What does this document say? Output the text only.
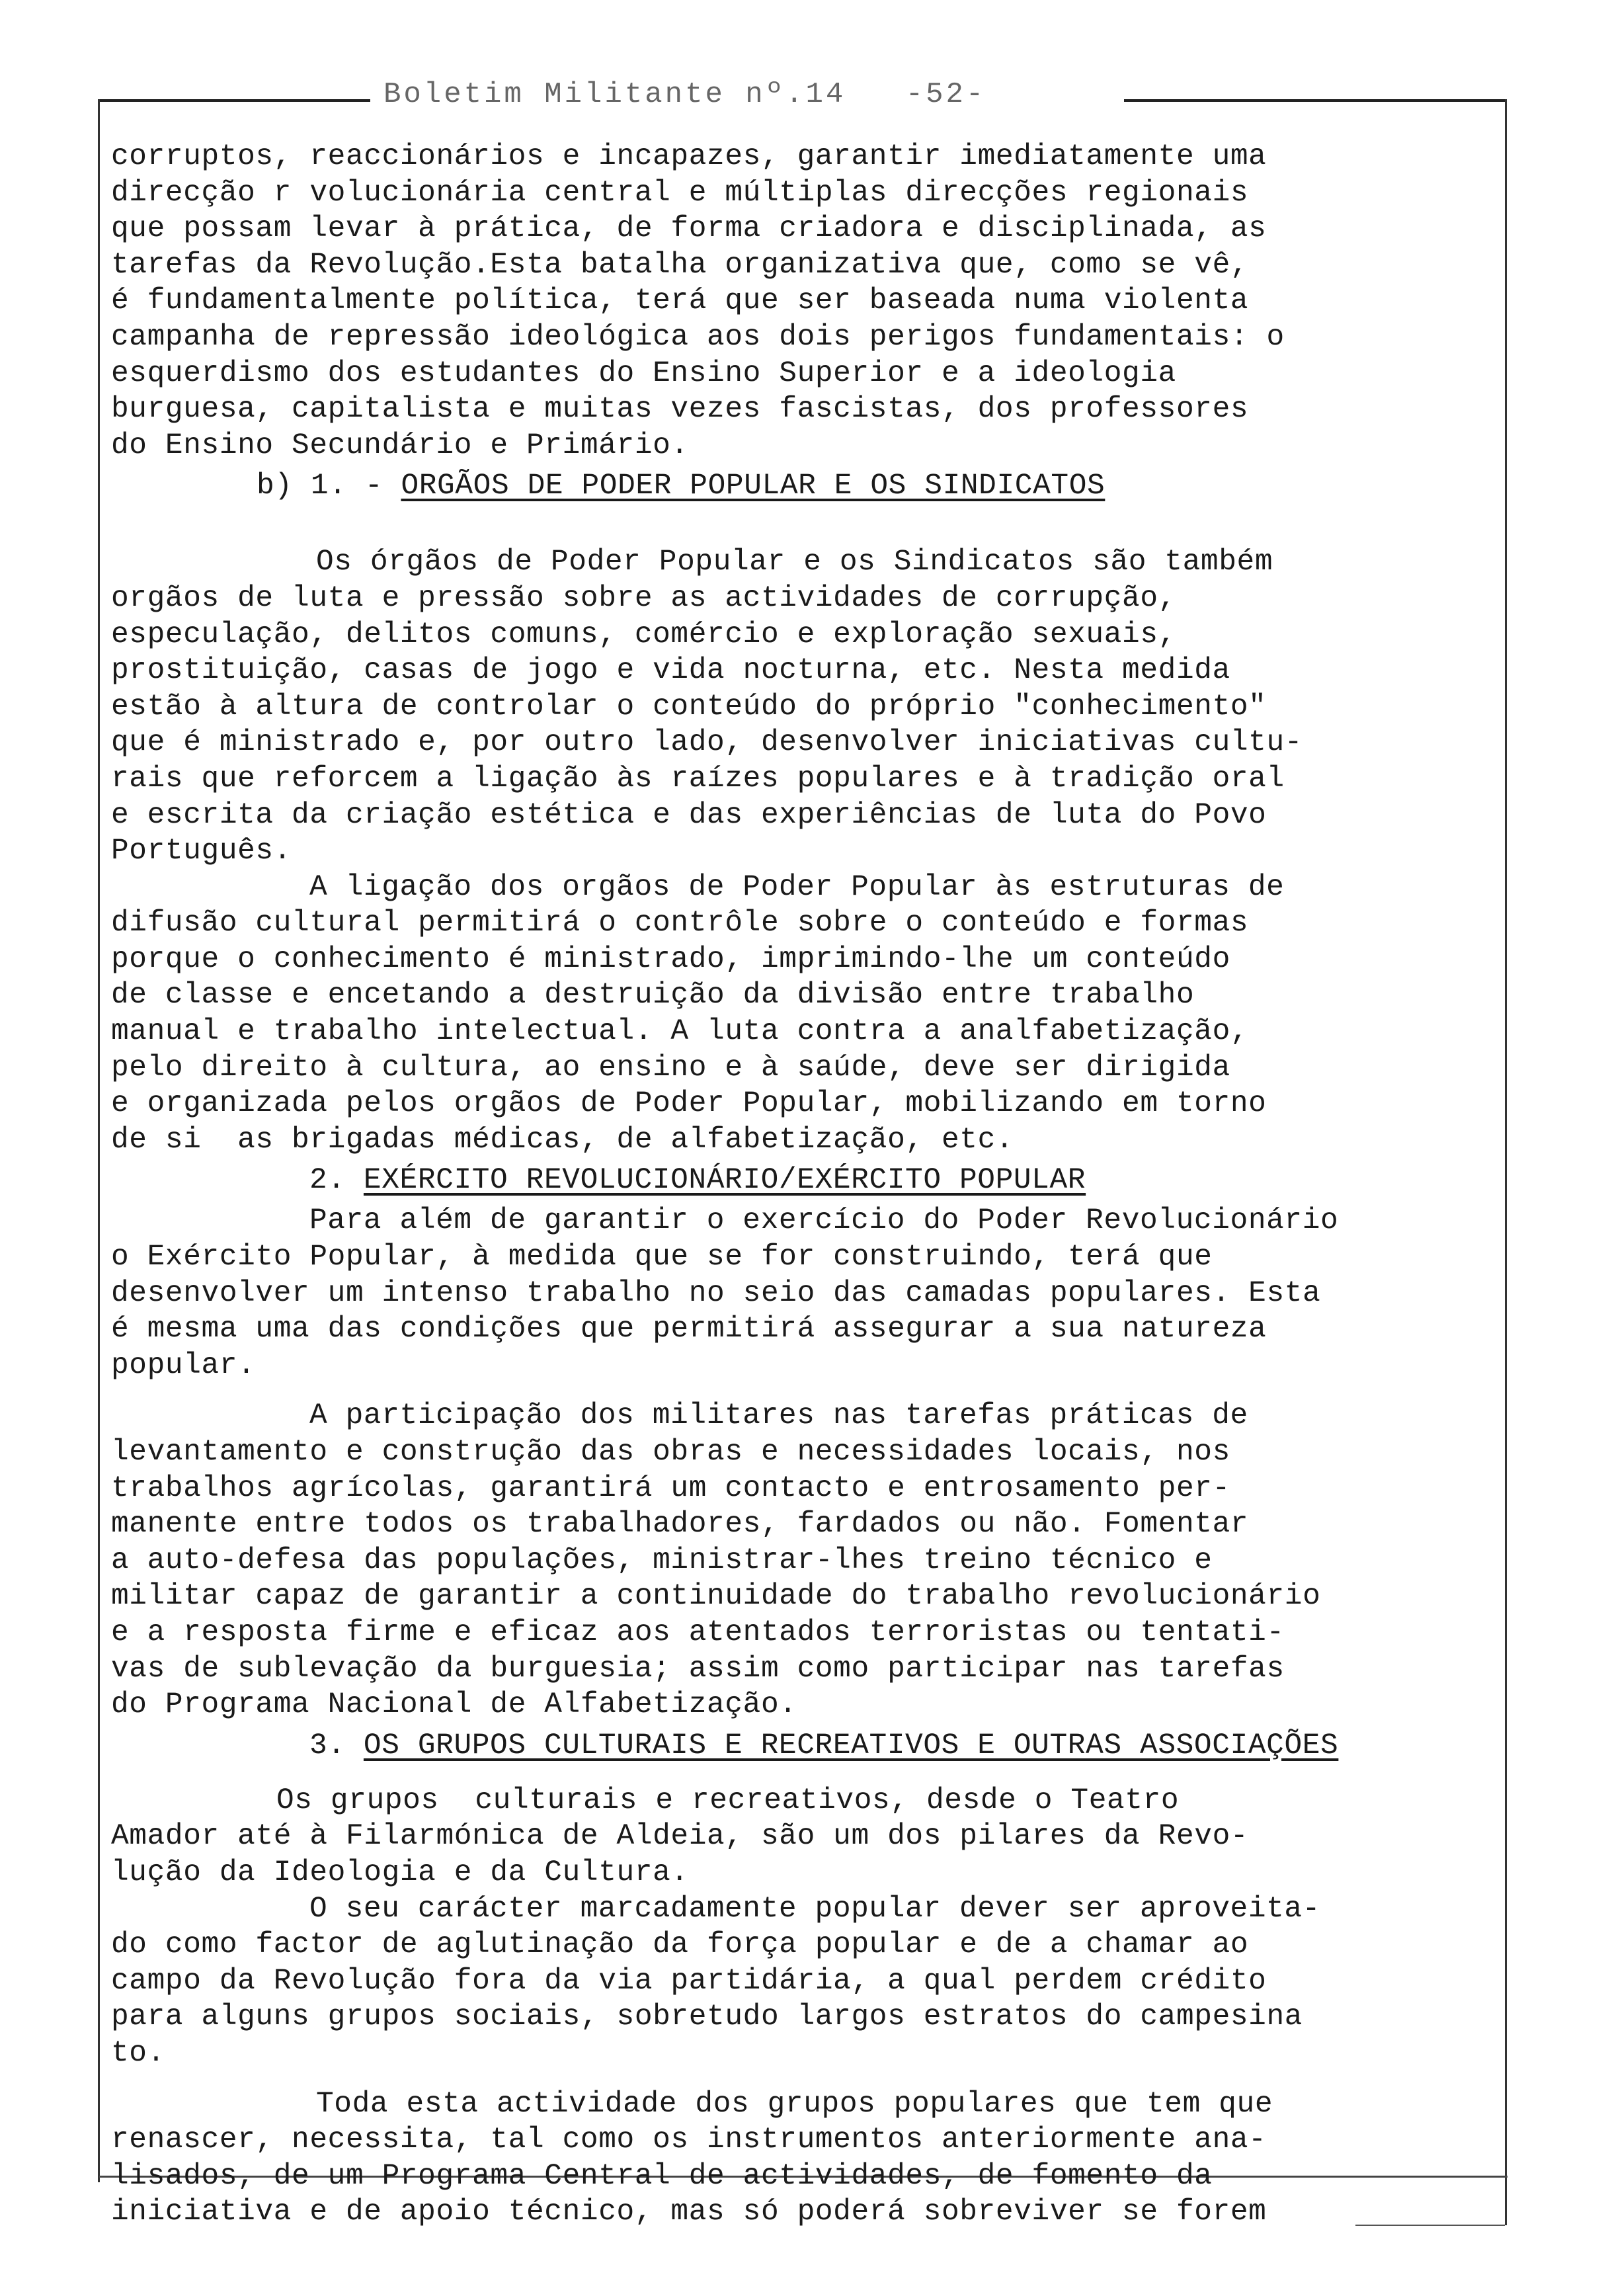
Boletim Militante nº.14 -52-
corruptos, reaccionários e incapazes, garantir imediatamente uma
direcção r volucionária central e múltiplas direcções regionais
que possam levar à prática, de forma criadora e disciplinada, as
tarefas da Revolução.Esta batalha organizativa que, como se vê,
é fundamentalmente política, terá que ser baseada numa violenta
campanha de repressão ideológica aos dois perigos fundamentais: o
esquerdismo dos estudantes do Ensino Superior e a ideologia
burguesa, capitalista e muitas vezes fascistas, dos professores
do Ensino Secundário e Primário.
b) 1. - ORGÃOS DE PODER POPULAR E OS SINDICATOS
Os órgãos de Poder Popular e os Sindicatos são também
orgãos de luta e pressão sobre as actividades de corrupção,
especulação, delitos comuns, comércio e exploração sexuais,
prostituição, casas de jogo e vida nocturna, etc. Nesta medida
estão à altura de controlar o conteúdo do próprio "conhecimento"
que é ministrado e, por outro lado, desenvolver iniciativas cultu-
rais que reforcem a ligação às raízes populares e à tradição oral
e escrita da criação estética e das experiências de luta do Povo
Português.
A ligação dos orgãos de Poder Popular às estruturas de
difusão cultural permitirá o contrôle sobre o conteúdo e formas
porque o conhecimento é ministrado, imprimindo-lhe um conteúdo
de classe e encetando a destruição da divisão entre trabalho
manual e trabalho intelectual. A luta contra a analfabetização,
pelo direito à cultura, ao ensino e à saúde, deve ser dirigida
e organizada pelos orgãos de Poder Popular, mobilizando em torno
de si  as brigadas médicas, de alfabetização, etc.
2. EXÉRCITO REVOLUCIONÁRIO/EXÉRCITO POPULAR
Para além de garantir o exercício do Poder Revolucionário
o Exército Popular, à medida que se for construindo, terá que
desenvolver um intenso trabalho no seio das camadas populares. Esta
é mesma uma das condições que permitirá assegurar a sua natureza
popular.
A participação dos militares nas tarefas práticas de
levantamento e construção das obras e necessidades locais, nos
trabalhos agrícolas, garantirá um contacto e entrosamento per-
manente entre todos os trabalhadores, fardados ou não. Fomentar
a auto-defesa das populações, ministrar-lhes treino técnico e
militar capaz de garantir a continuidade do trabalho revolucionário
e a resposta firme e eficaz aos atentados terroristas ou tentati-
vas de sublevação da burguesia; assim como participar nas tarefas
do Programa Nacional de Alfabetização.
3. OS GRUPOS CULTURAIS E RECREATIVOS E OUTRAS ASSOCIAÇÕES
Os grupos  culturais e recreativos, desde o Teatro
Amador até à Filarmónica de Aldeia, são um dos pilares da Revo-
lução da Ideologia e da Cultura.
O seu carácter marcadamente popular dever ser aproveita-
do como factor de aglutinação da força popular e de a chamar ao
campo da Revolução fora da via partidária, a qual perdem crédito
para alguns grupos sociais, sobretudo largos estratos do campesina
to.
Toda esta actividade dos grupos populares que tem que
renascer, necessita, tal como os instrumentos anteriormente ana-
lisados, de um Programa Central de actividades, de fomento da
iniciativa e de apoio técnico, mas só poderá sobreviver se forem
